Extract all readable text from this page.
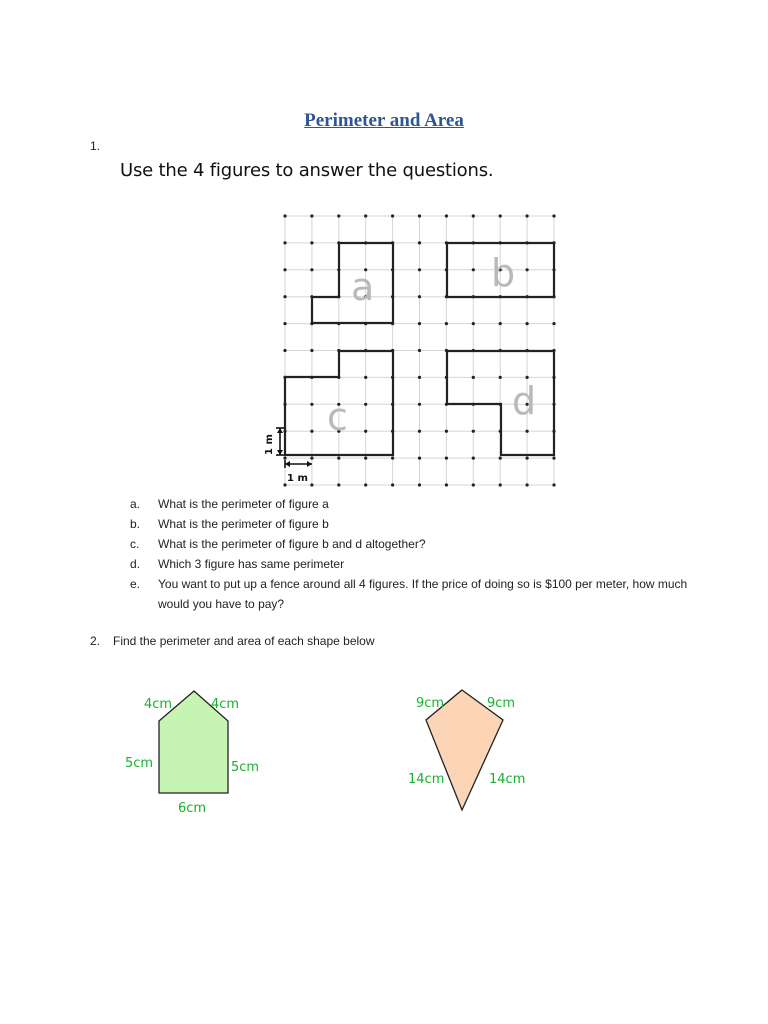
Perimeter and Area
1.
Use the 4 figures to answer the questions.
a	b
c	d
1 m
1 m
a.	What is the perimeter of figure a
b.	What is the perimeter of figure b
c.	What is the perimeter of figure b and d altogether?
d.	Which 3 figure has same perimeter
e.	You want to put up a fence around all 4 figures. If the price of doing so is $100 per meter, how much would you have to pay?
2. Find the perimeter and area of each shape below
4cm	4cm
5cm	5cm
6cm
9cm	9cm
14cm	14cm
